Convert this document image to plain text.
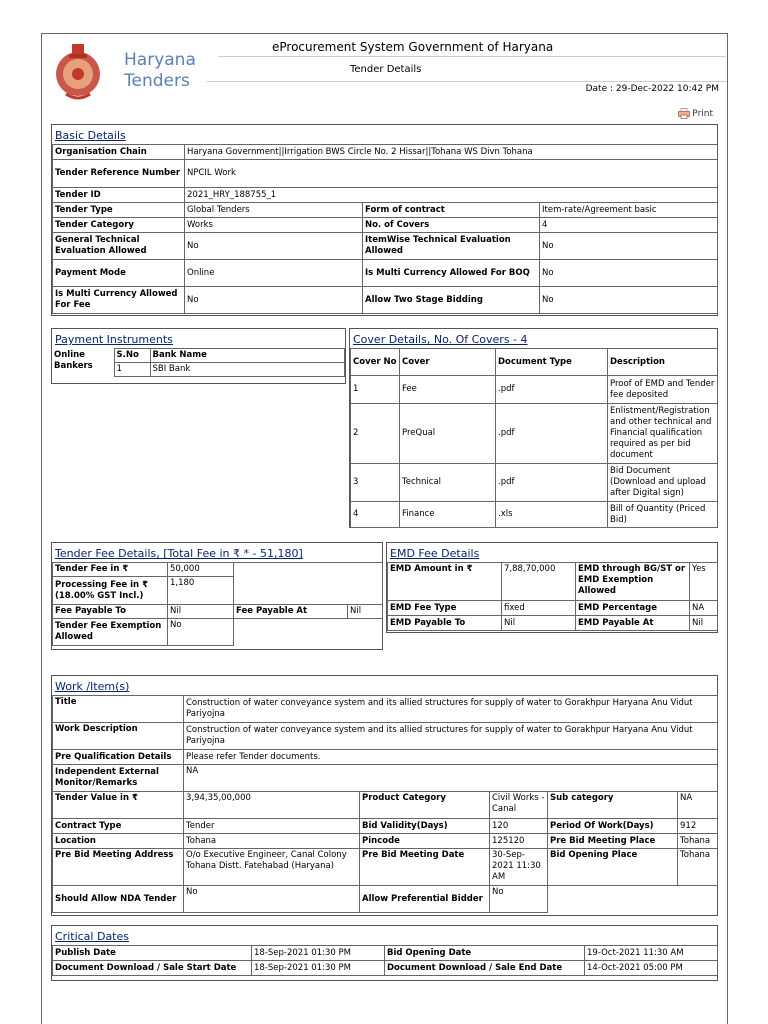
Haryana
Tenders
eProcurement System Government of Haryana
Tender Details
Date : 29-Dec-2022 10:42 PM
Print
Basic Details
Organisation Chain	Haryana Government||Irrigation BWS Circle No. 2 Hissar||Tohana WS Divn Tohana		
Tender Reference Number	NPCIL Work		
Tender ID	2021_HRY_188755_1		
Tender Type	Global Tenders	Form of contract	Item-rate/Agreement basic
Tender Category	Works	No. of Covers	4
General Technical Evaluation Allowed	No	ItemWise Technical Evaluation Allowed	No
Payment Mode	Online	Is Multi Currency Allowed For BOQ	No
Is Multi Currency Allowed For Fee	No	Allow Two Stage Bidding	No
Payment Instruments
Online Bankers	S.No	Bank Name
	1	SBI Bank
Cover Details, No. Of Covers - 4
Cover No	Cover	Document Type	Description
1	Fee	.pdf	Proof of EMD and Tender fee deposited
2	PreQual	.pdf	Enlistment/Registration and other technical and Financial qualification required as per bid document
3	Technical	.pdf	Bid Document (Download and upload after Digital sign)
4	Finance	.xls	Bill of Quantity (Priced Bid)
Tender Fee Details, [Total Fee in ₹ * - 51,180]
Tender Fee in ₹	50,000		
Processing Fee in ₹ (18.00% GST Incl.)	1,180		
Fee Payable To	Nil	Fee Payable At	Nil
Tender Fee Exemption Allowed	No		
EMD Fee Details
EMD Amount in ₹	7,88,70,000	EMD through BG/ST or EMD Exemption Allowed	Yes
EMD Fee Type	fixed	EMD Percentage	NA
EMD Payable To	Nil	EMD Payable At	Nil
Work /Item(s)
Title	Construction of water conveyance system and its allied structures for supply of water to Gorakhpur Haryana Anu Vidut Pariyojna				
Work Description	Construction of water conveyance system and its allied structures for supply of water to Gorakhpur Haryana Anu Vidut Pariyojna				
Pre Qualification Details	Please refer Tender documents.				
Independent External Monitor/Remarks	NA				
Tender Value in ₹	3,94,35,00,000	Product Category	Civil Works - Canal	Sub category	NA
Contract Type	Tender	Bid Validity(Days)	120	Period Of Work(Days)	912
Location	Tohana	Pincode	125120	Pre Bid Meeting Place	Tohana
Pre Bid Meeting Address	O/o Executive Engineer, Canal Colony Tohana Distt. Fatehabad (Haryana)	Pre Bid Meeting Date	30-Sep-2021 11:30 AM	Bid Opening Place	Tohana
Should Allow NDA Tender	No	Allow Preferential Bidder	No		
Critical Dates
Publish Date	18-Sep-2021 01:30 PM	Bid Opening Date	19-Oct-2021 11:30 AM
Document Download / Sale Start Date	18-Sep-2021 01:30 PM	Document Download / Sale End Date	14-Oct-2021 05:00 PM
